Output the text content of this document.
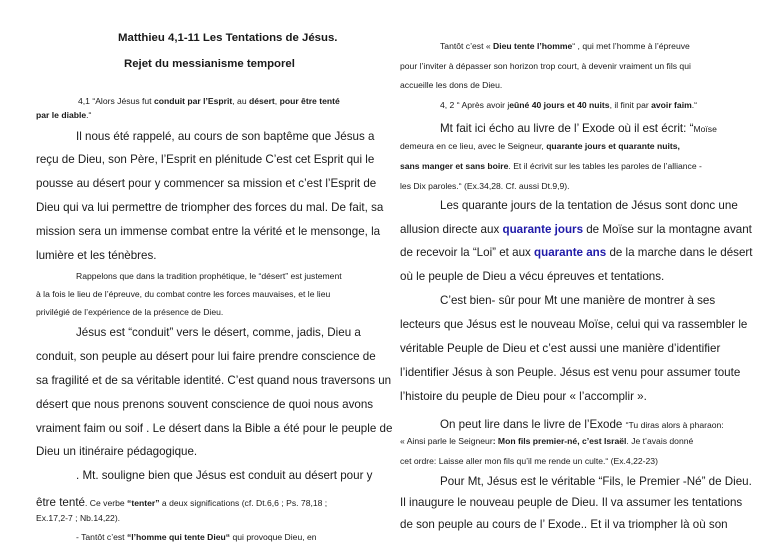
Matthieu 4,1-11 Les Tentations de Jésus.
Rejet du messianisme temporel
4,1 “Alors Jésus fut conduit par l’Esprit, au désert, pour être tenté
par le diable.“
Il nous été rappelé, au cours de son baptême que Jésus a
reçu de Dieu, son Père, l’Esprit en plénitude C’est cet Esprit qui le
pousse au désert pour y commencer sa mission et c’est l’Esprit de
Dieu qui va lui permettre de triompher des forces du mal. De fait, sa
mission sera un immense combat entre la vérité et le mensonge, la
lumière et les ténèbres.
Rappelons que dans la tradition prophétique, le “désert” est justement
à la fois le lieu de l’épreuve, du combat contre les forces mauvaises, et le lieu
privilégié de l’expérience de la présence de Dieu.
Jésus est “conduit” vers le désert, comme, jadis, Dieu a
conduit, son peuple au désert pour lui faire prendre conscience de
sa fragilité et de sa véritable identité. C’est quand nous traversons un
désert que nous prenons souvent conscience de quoi nous avons
vraiment faim ou soif . Le désert dans la Bible a été pour le peuple de
Dieu un itinéraire pédagogique.
. Mt. souligne bien que Jésus est conduit au désert pour y
être tenté. Ce verbe “tenter” a deux significations (cf. Dt.6,6 ; Ps. 78,18 ;
Ex.17,2-7 ; Nb.14,22).
- Tantôt c’est “l’homme qui tente Dieu“ qui provoque Dieu, en
Tantôt c’est « Dieu tente l’homme“ , qui met l’homme à l’épreuve
pour l’inviter à dépasser son horizon trop court, à devenir vraiment un fils qui
accueille les dons de Dieu.
4, 2 “ Après avoir jeûné 40 jours et 40 nuits, il finit par avoir faim.“
Mt fait ici écho au livre de l’ Exode où il est écrit: “Moïse
demeura en ce lieu, avec le Seigneur, quarante jours et quarante nuits,
sans manger et sans boire. Et il écrivit sur les tables les paroles de l’alliance -
les Dix paroles.“ (Ex.34,28. Cf. aussi Dt.9,9).
Les quarante jours de la tentation de Jésus sont donc une
allusion directe aux quarante jours de Moïse sur la montagne avant
de recevoir la “Loi” et aux quarante ans de la marche dans le désert
où le peuple de Dieu a vécu épreuves et tentations.
C’est bien- sûr pour Mt une manière de montrer à ses
lecteurs que Jésus est le nouveau Moïse, celui qui va rassembler le
véritable Peuple de Dieu et c’est aussi une manière d’identifier
l’identifier Jésus à son Peuple. Jésus est venu pour assumer toute
l’histoire du peuple de Dieu pour « l’accomplir ».
On peut lire dans le livre de l’Exode “Tu diras alors à pharaon:
« Ainsi parle le Seigneur: Mon fils premier-né, c’est Israël. Je t’avais donné
cet ordre: Laisse aller mon fils qu’il me rende un culte.“ (Ex.4,22-23)
Pour Mt, Jésus est le véritable “Fils, le Premier -Né” de Dieu.
Il inaugure le nouveau peuple de Dieu. Il va assumer les tentations
de son peuple au cours de l’ Exode.. Et il va triompher là où son
